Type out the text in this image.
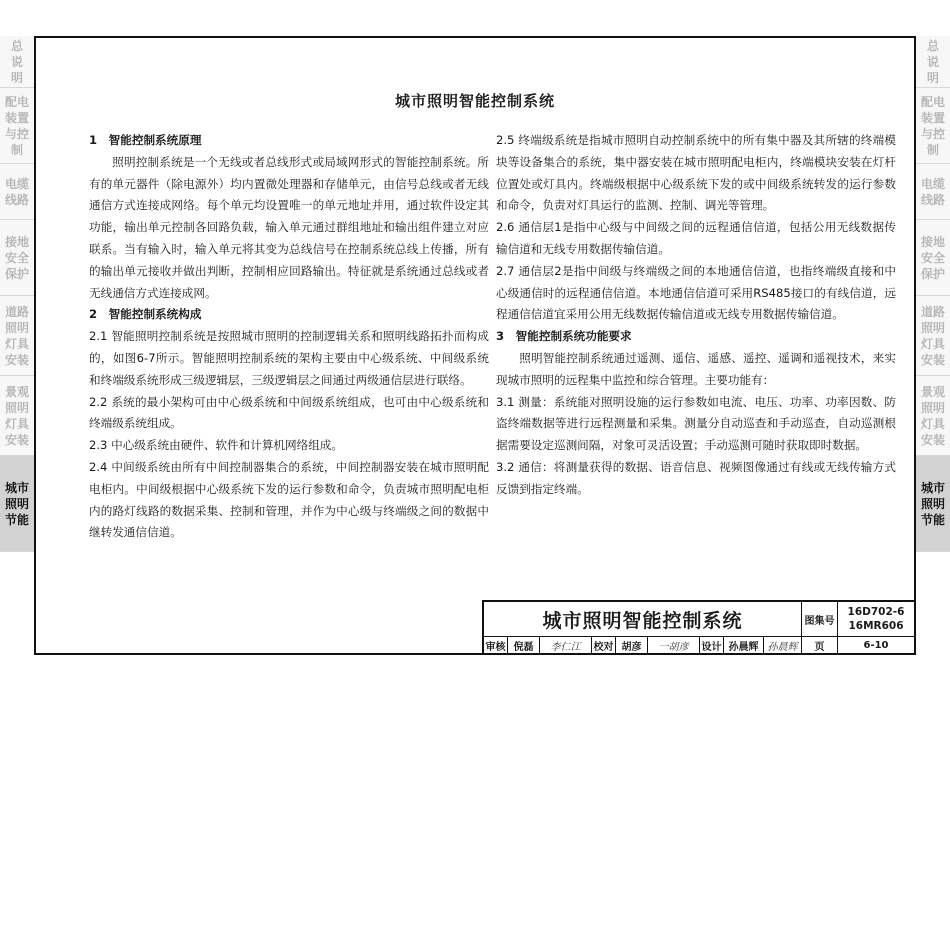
总
说
明
配电
装置
与控
制
电缆
线路
接地
安全
保护
道路
照明
灯具
安装
景观
照明
灯具
安装
城市
照明
节能
总
说
明
配电
装置
与控
制
电缆
线路
接地
安全
保护
道路
照明
灯具
安装
景观
照明
灯具
安装
城市
照明
节能
城市照明智能控制系统

1　智能控制系统原理

照明控制系统是一个无线或者总线形式或局域网形式的智能控制系统。所有的单元器件（除电源外）均内置微处理器和存储单元，由信号总线或者无线通信方式连接成网络。每个单元均设置唯一的单元地址并用，通过软件设定其功能，输出单元控制各回路负载，输入单元通过群组地址和输出组件建立对应联系。当有输入时，输入单元将其变为总线信号在控制系统总线上传播，所有的输出单元接收并做出判断，控制相应回路输出。特征就是系统通过总线或者无线通信方式连接成网。

2　智能控制系统构成

2.1 智能照明控制系统是按照城市照明的控制逻辑关系和照明线路拓扑而构成的，如图6-7所示。智能照明控制系统的架构主要由中心级系统、中间级系统和终端级系统形成三级逻辑层，三级逻辑层之间通过两级通信层进行联络。

2.2 系统的最小架构可由中心级系统和中间级系统组成，也可由中心级系统和终端级系统组成。

2.3 中心级系统由硬件、软件和计算机网络组成。

2.4 中间级系统由所有中间控制器集合的系统，中间控制器安装在城市照明配电柜内。中间级根据中心级系统下发的运行参数和命令，负责城市照明配电柜内的路灯线路的数据采集、控制和管理，并作为中心级与终端级之间的数据中继转发通信信道。

2.5 终端级系统是指城市照明自动控制系统中的所有集中器及其所辖的终端模块等设备集合的系统，集中器安装在城市照明配电柜内，终端模块安装在灯杆位置处或灯具内。终端级根据中心级系统下发的或中间级系统转发的运行参数和命令，负责对灯具运行的监测、控制、调光等管理。

2.6 通信层1是指中心级与中间级之间的远程通信信道，包括公用无线数据传输信道和无线专用数据传输信道。

2.7 通信层2是指中间级与终端级之间的本地通信信道，也指终端级直接和中心级通信时的远程通信信道。本地通信信道可采用RS485接口的有线信道，远程通信信道宜采用公用无线数据传输信道或无线专用数据传输信道。

3　智能控制系统功能要求

照明智能控制系统通过遥测、遥信、遥感、遥控、遥调和遥视技术，来实现城市照明的远程集中监控和综合管理。主要功能有：

3.1 测量：系统能对照明设施的运行参数如电流、电压、功率、功率因数、防盗终端数据等进行远程测量和采集。测量分自动巡查和手动巡查，自动巡测根据需要设定巡测间隔，对象可灵活设置；手动巡测可随时获取即时数据。

3.2 通信：将测量获得的数据、语音信息、视频图像通过有线或无线传输方式反馈到指定终端。

城市照明智能控制系统	图集号
16D702-6
16MR606
审核 倪磊	李仁江	校对 胡彦	一胡彦	设计 孙晨辉 孙晨辉	页	6-10
